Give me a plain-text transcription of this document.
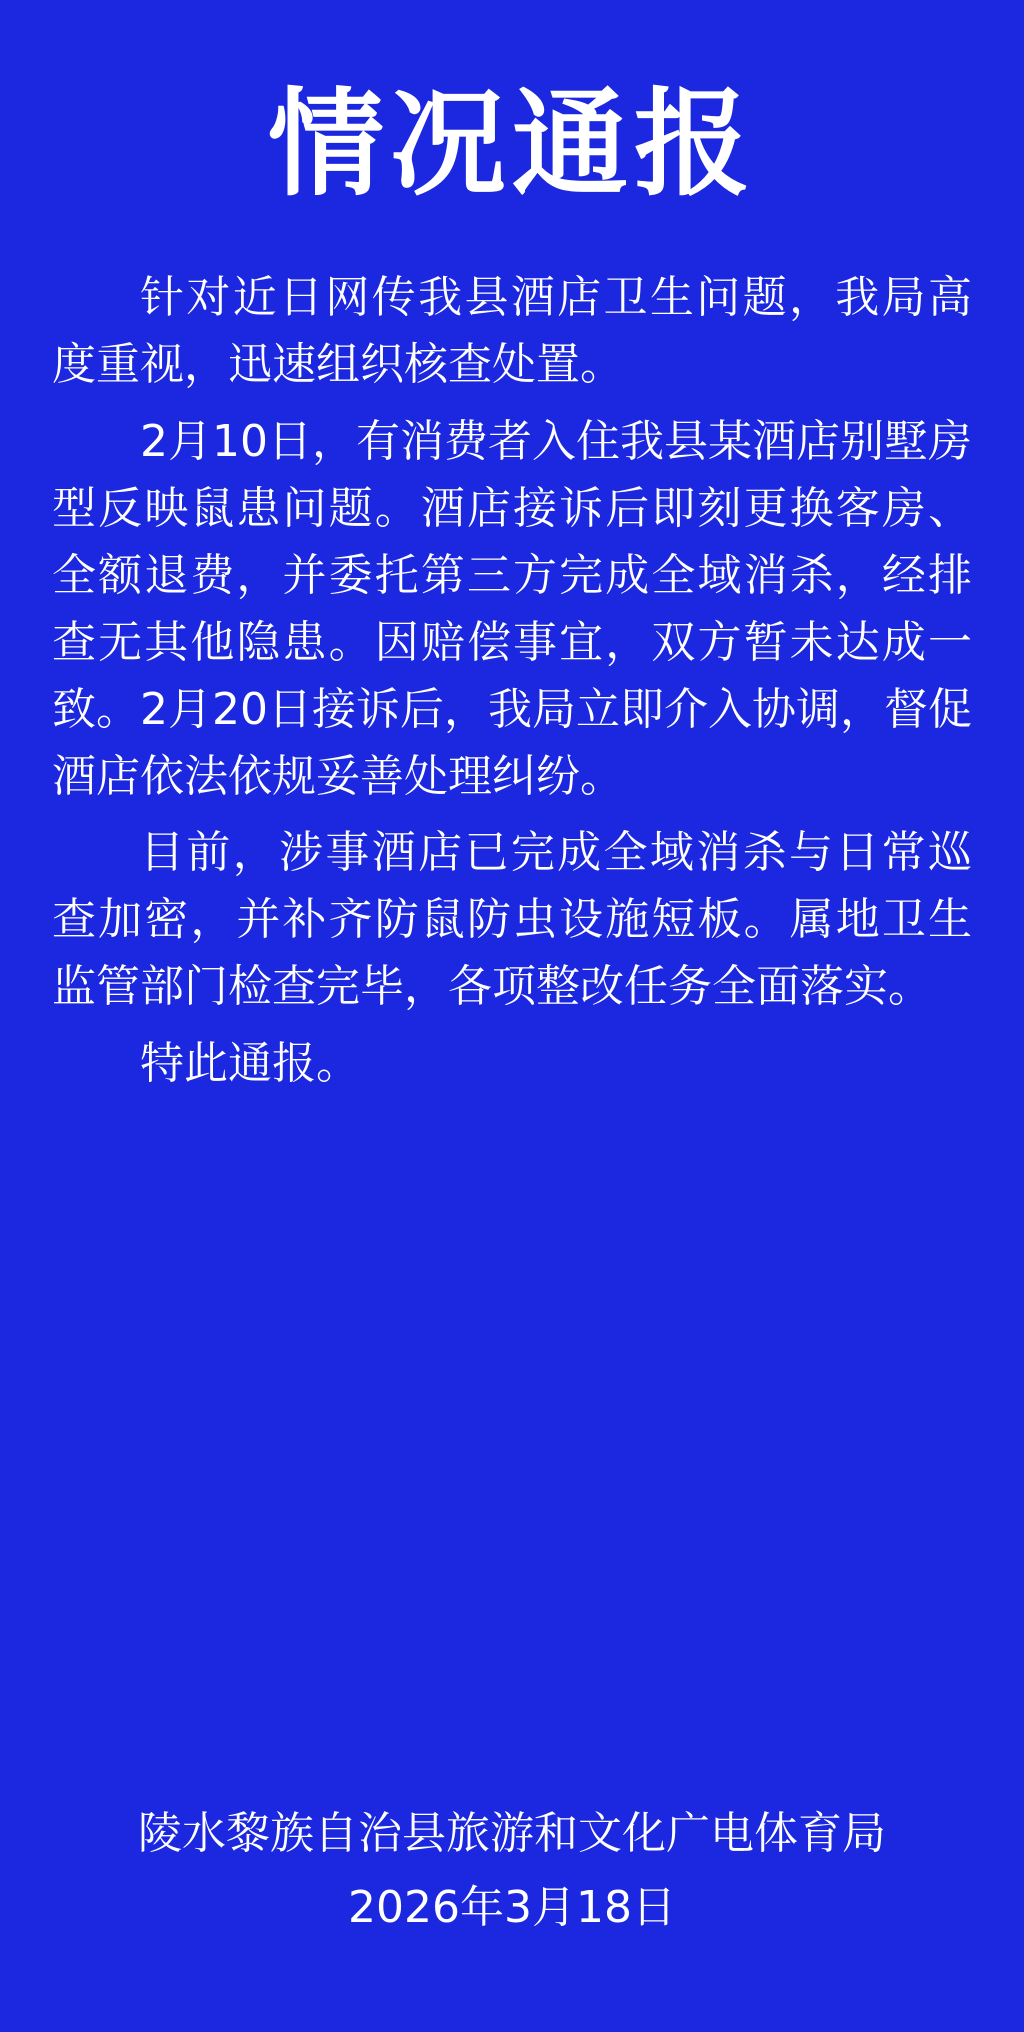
情况通报

针对近日网传我县酒店卫生问题，我局高度重视，迅速组织核查处置。

2月10日，有消费者入住我县某酒店别墅房型反映鼠患问题。酒店接诉后即刻更换客房、全额退费，并委托第三方完成全域消杀，经排查无其他隐患。因赔偿事宜，双方暂未达成一致。2月20日接诉后，我局立即介入协调，督促酒店依法依规妥善处理纠纷。

目前，涉事酒店已完成全域消杀与日常巡查加密，并补齐防鼠防虫设施短板。属地卫生监管部门检查完毕，各项整改任务全面落实。

特此通报。

陵水黎族自治县旅游和文化广电体育局
2026年3月18日
